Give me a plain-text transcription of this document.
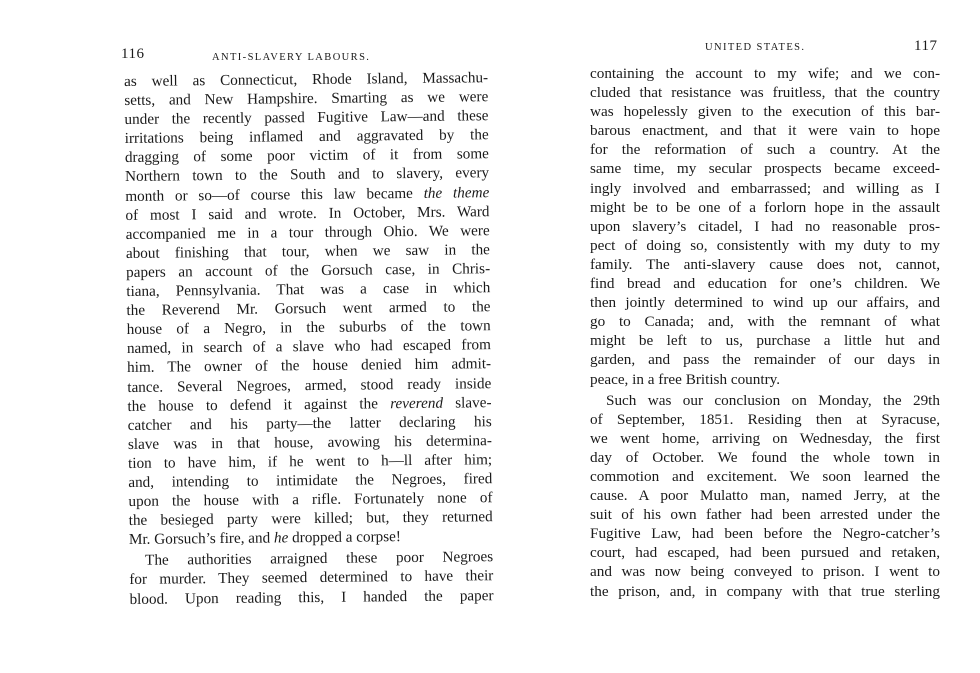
116	ANTI-SLAVERY LABOURS.
as well as Connecticut, Rhode Island, Massachu-
setts, and New Hampshire. Smarting as we were
under the recently passed Fugitive Law—and these
irritations being inflamed and aggravated by the
dragging of some poor victim of it from some
Northern town to the South and to slavery, every
month or so—of course this law became the theme
of most I said and wrote. In October, Mrs. Ward
accompanied me in a tour through Ohio. We were
about finishing that tour, when we saw in the
papers an account of the Gorsuch case, in Chris-
tiana, Pennsylvania. That was a case in which
the Reverend Mr. Gorsuch went armed to the
house of a Negro, in the suburbs of the town
named, in search of a slave who had escaped from
him. The owner of the house denied him admit-
tance. Several Negroes, armed, stood ready inside
the house to defend it against the reverend slave-
catcher and his party—the latter declaring his
slave was in that house, avowing his determina-
tion to have him, if he went to h—ll after him;
and, intending to intimidate the Negroes, fired
upon the house with a rifle. Fortunately none of
the besieged party were killed; but, they returned
Mr. Gorsuch’s fire, and he dropped a corpse!
The authorities arraigned these poor Negroes
for murder. They seemed determined to have their
blood. Upon reading this, I handed the paper
117
UNITED STATES.
containing the account to my wife; and we con-
cluded that resistance was fruitless, that the country
was hopelessly given to the execution of this bar-
barous enactment, and that it were vain to hope
for the reformation of such a country. At the
same time, my secular prospects became exceed-
ingly involved and embarrassed; and willing as I
might be to be one of a forlorn hope in the assault
upon slavery’s citadel, I had no reasonable pros-
pect of doing so, consistently with my duty to my
family. The anti-slavery cause does not, cannot,
find bread and education for one’s children. We
then jointly determined to wind up our affairs, and
go to Canada; and, with the remnant of what
might be left to us, purchase a little hut and
garden, and pass the remainder of our days in
peace, in a free British country.
Such was our conclusion on Monday, the 29th
of September, 1851. Residing then at Syracuse,
we went home, arriving on Wednesday, the first
day of October. We found the whole town in
commotion and excitement. We soon learned the
cause. A poor Mulatto man, named Jerry, at the
suit of his own father had been arrested under the
Fugitive Law, had been before the Negro-catcher’s
court, had escaped, had been pursued and retaken,
and was now being conveyed to prison. I went to
the prison, and, in company with that true sterling
